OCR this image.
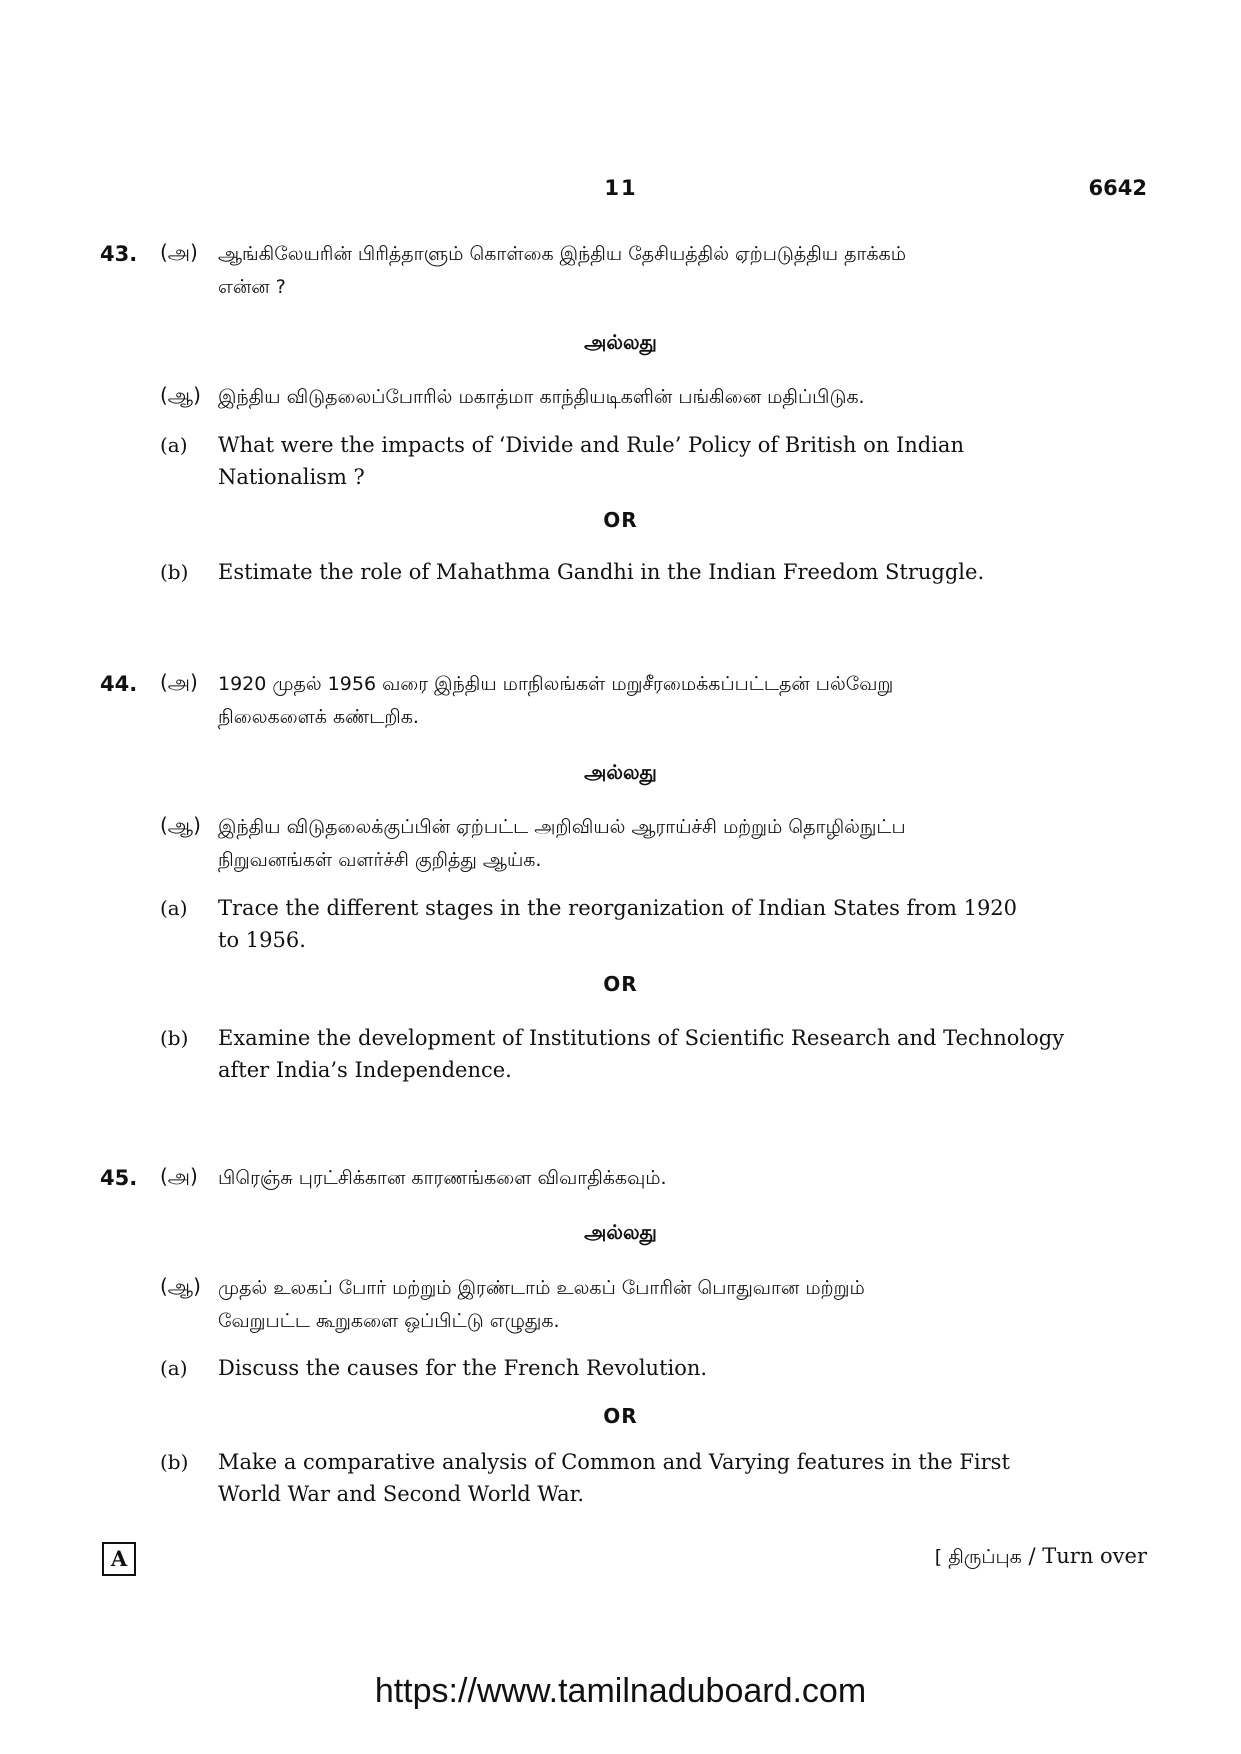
11	6642
43. (அ) ஆங்கிலேயரின் பிரித்தாளும் கொள்கை இந்திய தேசியத்தில் ஏற்படுத்திய தாக்கம்
என்ன ?
அல்லது
(ஆ) இந்திய விடுதலைப்போரில் மகாத்மா காந்தியடிகளின் பங்கினை மதிப்பிடுக.
(a) What were the impacts of ‘Divide and Rule’ Policy of British on Indian
Nationalism ?
OR
(b) Estimate the role of Mahathma Gandhi in the Indian Freedom Struggle.
44. (அ) 1920 முதல் 1956 வரை இந்திய மாநிலங்கள் மறுசீரமைக்கப்பட்டதன் பல்வேறு
நிலைகளைக் கண்டறிக.
அல்லது
(ஆ) இந்திய விடுதலைக்குப்பின் ஏற்பட்ட அறிவியல் ஆராய்ச்சி மற்றும் தொழில்நுட்ப
நிறுவனங்கள் வளர்ச்சி குறித்து ஆய்க.
(a) Trace the different stages in the reorganization of Indian States from 1920
to 1956.
OR
(b) Examine the development of Institutions of Scientific Research and Technology
after India’s Independence.
45. (அ) பிரெஞ்சு புரட்சிக்கான காரணங்களை விவாதிக்கவும்.
அல்லது
(ஆ) முதல் உலகப் போர் மற்றும் இரண்டாம் உலகப் போரின் பொதுவான மற்றும்
வேறுபட்ட கூறுகளை ஒப்பிட்டு எழுதுக.
(a) Discuss the causes for the French Revolution.
OR
(b) Make a comparative analysis of Common and Varying features in the First
World War and Second World War.
A	[ திருப்புக / Turn over
https://www.tamilnaduboard.com
